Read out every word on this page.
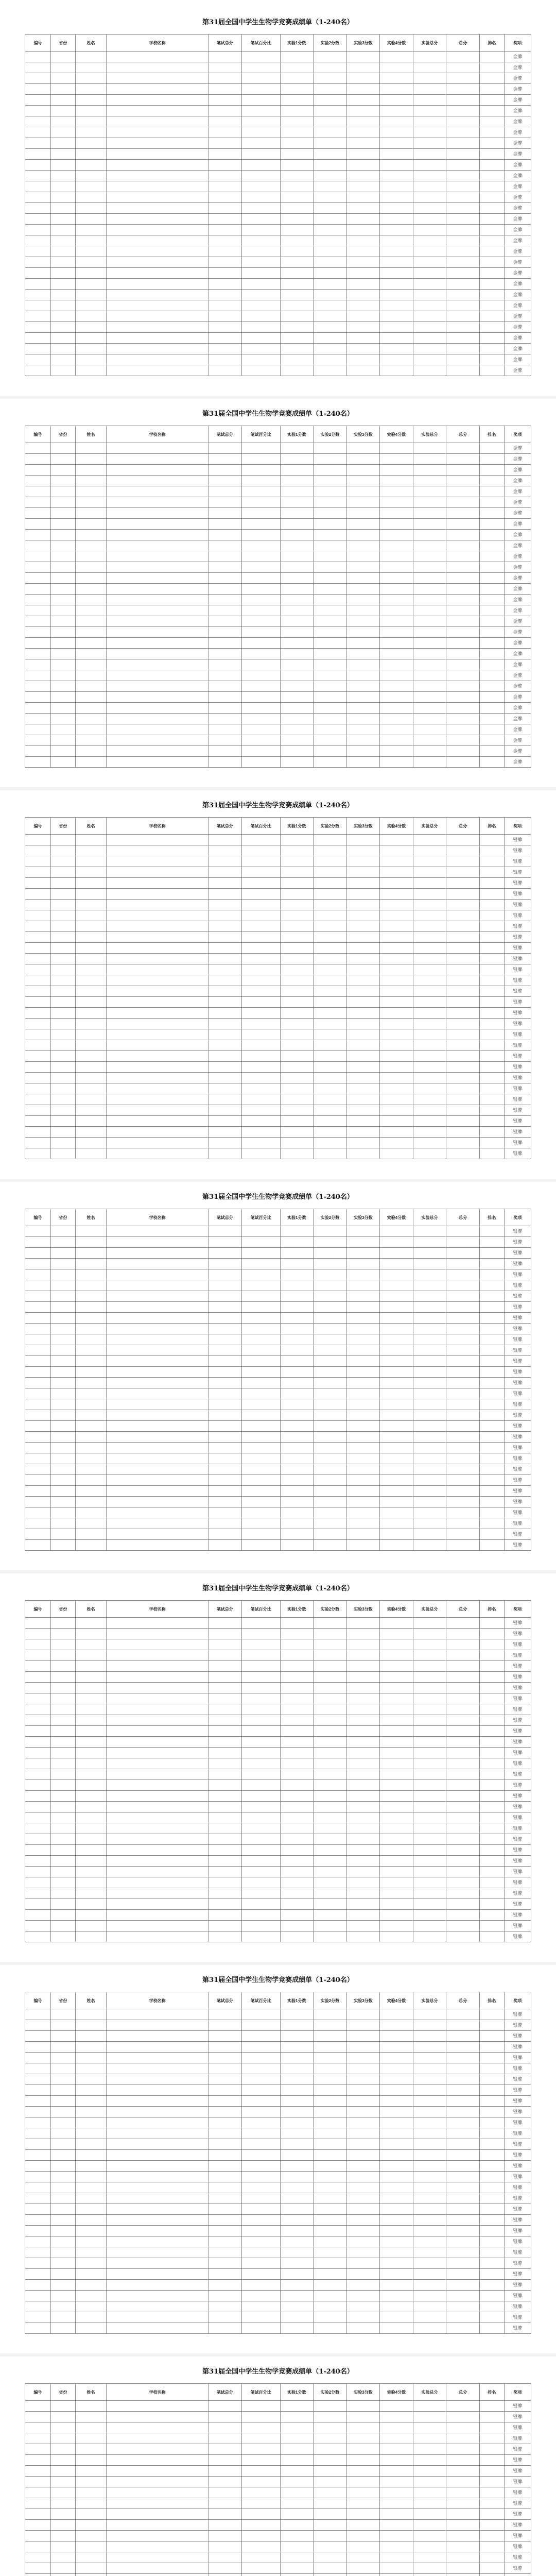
第31届全国中学生生物学竞赛成绩单（1-240名）
编号	省份	姓名	学校名称	笔试总分	笔试百分比	实验1分数	实验2分数	实验3分数	实验4分数	实验总分	总分	排名	奖项
													金牌
													金牌
													金牌
													金牌
													金牌
													金牌
													金牌
													金牌
													金牌
													金牌
													金牌
													金牌
													金牌
													金牌
													金牌
													金牌
													金牌
													金牌
													金牌
													金牌
													金牌
													金牌
													金牌
													金牌
													金牌
													金牌
													金牌
													金牌
													金牌
													金牌
第31届全国中学生生物学竞赛成绩单（1-240名）
编号	省份	姓名	学校名称	笔试总分	笔试百分比	实验1分数	实验2分数	实验3分数	实验4分数	实验总分	总分	排名	奖项
													金牌
													金牌
													金牌
													金牌
													金牌
													金牌
													金牌
													金牌
													金牌
													金牌
													金牌
													金牌
													金牌
													金牌
													金牌
													金牌
													金牌
													金牌
													金牌
													金牌
													金牌
													金牌
													金牌
													金牌
													金牌
													金牌
													金牌
													金牌
													金牌
													金牌
第31届全国中学生生物学竞赛成绩单（1-240名）
编号	省份	姓名	学校名称	笔试总分	笔试百分比	实验1分数	实验2分数	实验3分数	实验4分数	实验总分	总分	排名	奖项
													银牌
													银牌
													银牌
													银牌
													银牌
													银牌
													银牌
													银牌
													银牌
													银牌
													银牌
													银牌
													银牌
													银牌
													银牌
													银牌
													银牌
													银牌
													银牌
													银牌
													银牌
													银牌
													银牌
													银牌
													银牌
													银牌
													银牌
													银牌
													银牌
													银牌
第31届全国中学生生物学竞赛成绩单（1-240名）
编号	省份	姓名	学校名称	笔试总分	笔试百分比	实验1分数	实验2分数	实验3分数	实验4分数	实验总分	总分	排名	奖项
													银牌
													银牌
													银牌
													银牌
													银牌
													银牌
													银牌
													银牌
													银牌
													银牌
													银牌
													银牌
													银牌
													银牌
													银牌
													银牌
													银牌
													银牌
													银牌
													银牌
													银牌
													银牌
													银牌
													银牌
													银牌
													银牌
													银牌
													银牌
													银牌
													银牌
第31届全国中学生生物学竞赛成绩单（1-240名）
编号	省份	姓名	学校名称	笔试总分	笔试百分比	实验1分数	实验2分数	实验3分数	实验4分数	实验总分	总分	排名	奖项
													银牌
													银牌
													银牌
													银牌
													银牌
													银牌
													银牌
													银牌
													银牌
													银牌
													银牌
													银牌
													银牌
													银牌
													银牌
													银牌
													银牌
													银牌
													银牌
													银牌
													银牌
													银牌
													银牌
													银牌
													银牌
													银牌
													银牌
													银牌
													银牌
													银牌
第31届全国中学生生物学竞赛成绩单（1-240名）
编号	省份	姓名	学校名称	笔试总分	笔试百分比	实验1分数	实验2分数	实验3分数	实验4分数	实验总分	总分	排名	奖项
													银牌
													银牌
													银牌
													银牌
													银牌
													银牌
													银牌
													银牌
													银牌
													银牌
													银牌
													银牌
													银牌
													银牌
													银牌
													银牌
													银牌
													银牌
													银牌
													银牌
													银牌
													银牌
													银牌
													银牌
													银牌
													银牌
													银牌
													银牌
													银牌
													银牌
第31届全国中学生生物学竞赛成绩单（1-240名）
编号	省份	姓名	学校名称	笔试总分	笔试百分比	实验1分数	实验2分数	实验3分数	实验4分数	实验总分	总分	排名	奖项
													银牌
													银牌
													银牌
													银牌
													银牌
													银牌
													银牌
													银牌
													银牌
													银牌
													银牌
													银牌
													银牌
													银牌
													银牌
													银牌
